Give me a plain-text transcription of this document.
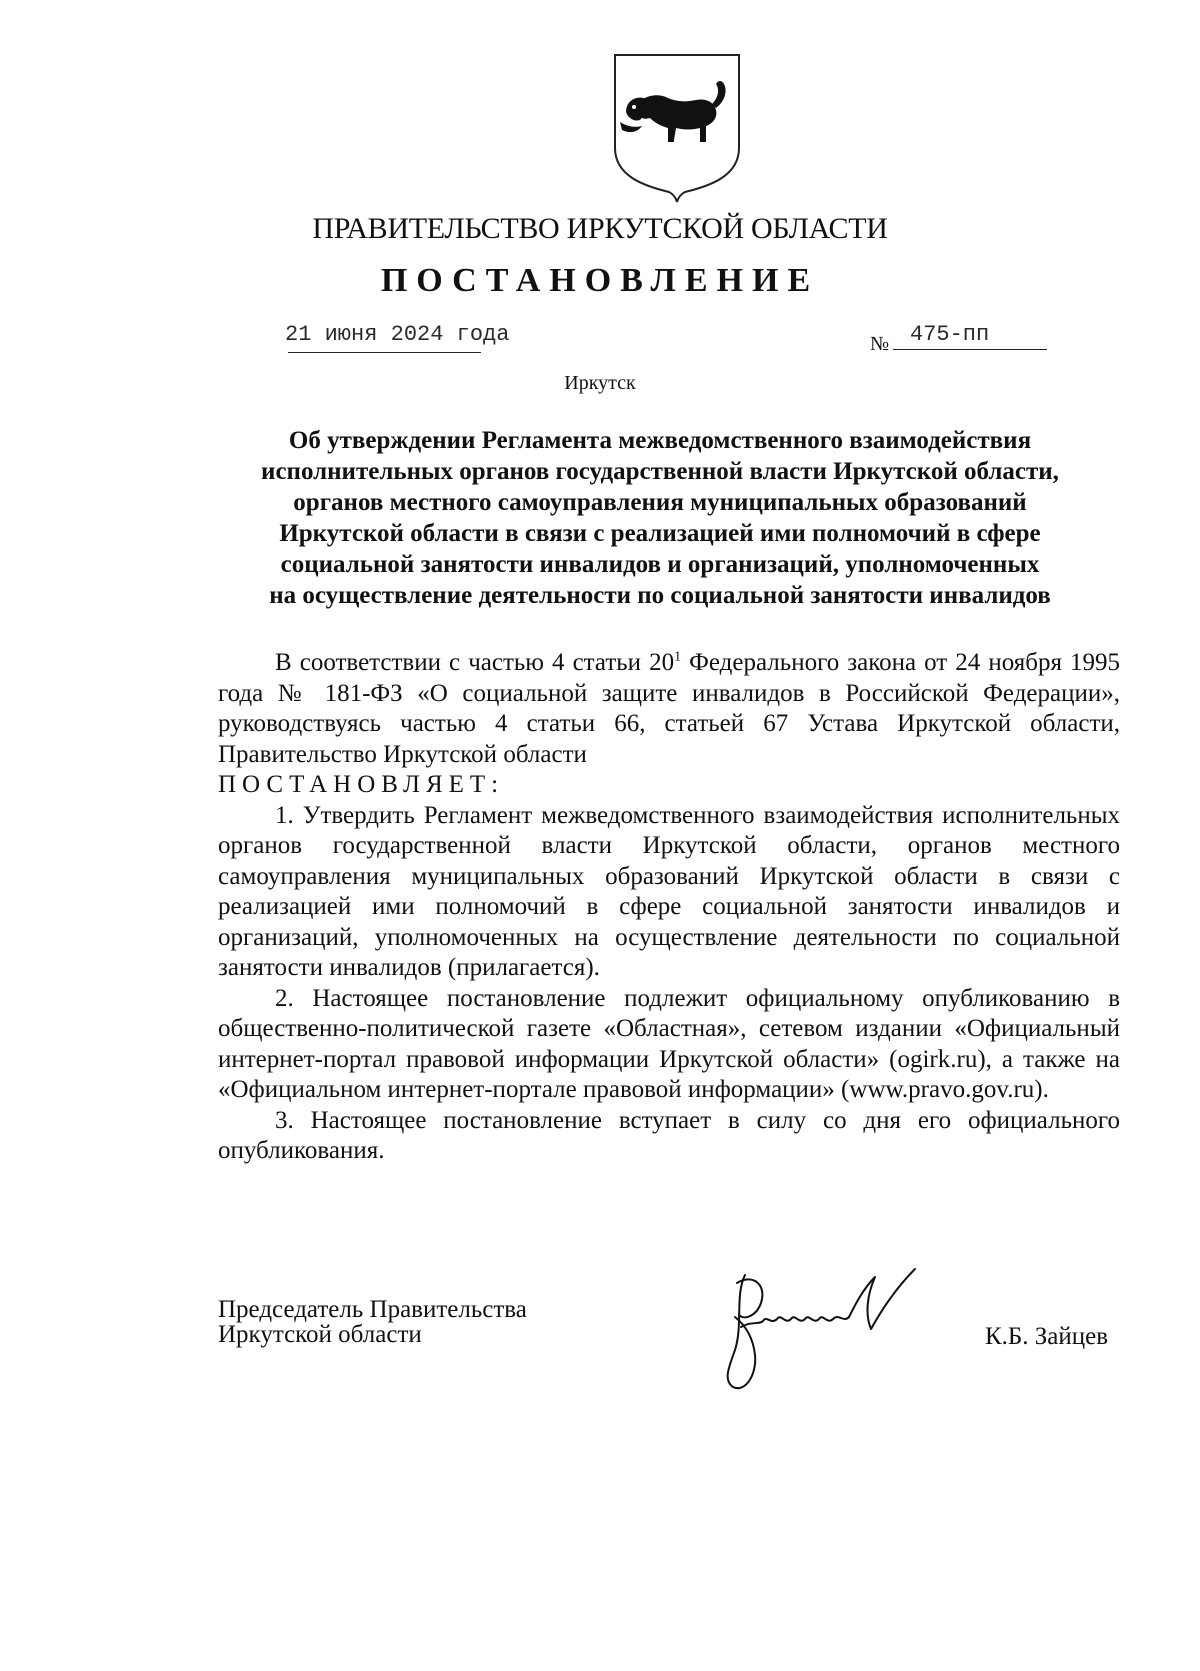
ПРАВИТЕЛЬСТВО ИРКУТСКОЙ ОБЛАСТИ
ПОСТАНОВЛЕНИЕ
21 июня 2024 года	№ 475-пп
Иркутск
Об утверждении Регламента межведомственного взаимодействия
исполнительных органов государственной власти Иркутской области,
органов местного самоуправления муниципальных образований
Иркутской области в связи с реализацией ими полномочий в сфере
социальной занятости инвалидов и организаций, уполномоченных
на осуществление деятельности по социальной занятости инвалидов

В соответствии с частью 4 статьи $20^1$ Федерального закона от 24 ноября 1995 года № 181-ФЗ «О социальной защите инвалидов в Российской Федерации», руководствуясь частью 4 статьи 66, статьей 67 Устава Иркутской области, Правительство Иркутской области

ПОСТАНОВЛЯЕТ:

1. Утвердить Регламент межведомственного взаимодействия исполнительных органов государственной власти Иркутской области, органов местного самоуправления муниципальных образований Иркутской области в связи с реализацией ими полномочий в сфере социальной занятости инвалидов и организаций, уполномоченных на осуществление деятельности по социальной занятости инвалидов (прилагается).

2. Настоящее постановление подлежит официальному опубликованию в общественно-политической газете «Областная», сетевом издании «Официальный интернет-портал правовой информации Иркутской области» (ogirk.ru), а также на «Официальном интернет-портале правовой информации» (www.pravo.gov.ru).

3. Настоящее постановление вступает в силу со дня его официального опубликования.

Председатель Правительства
Иркутской области	К.Б. Зайцев
